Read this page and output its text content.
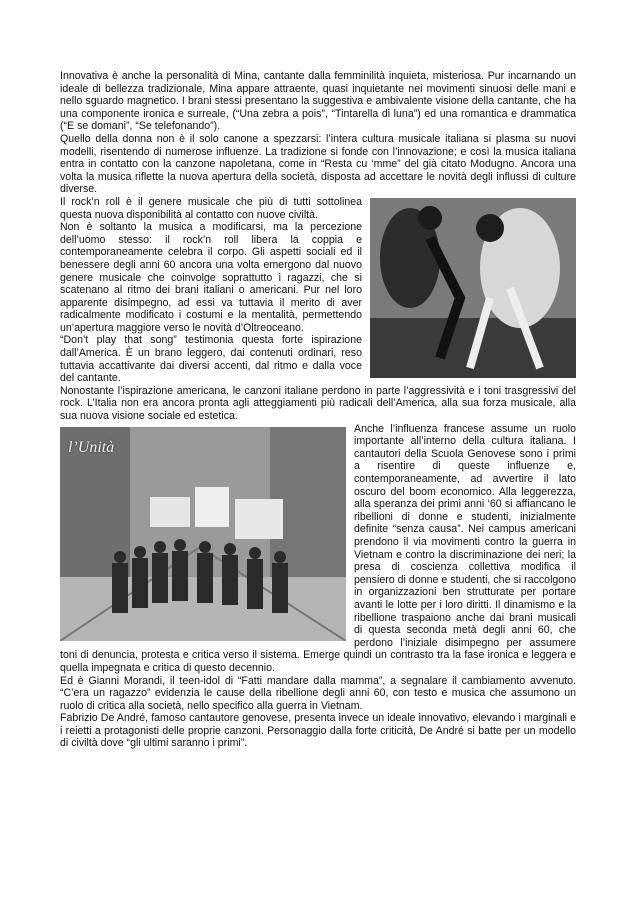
Innovativa è anche la personalità di Mina, cantante dalla femminilità inquieta, misteriosa. Pur incarnando un ideale di bellezza tradizionale, Mina appare attraente, quasi inquietante nei movimenti sinuosi delle mani e nello sguardo magnetico. I brani stessi presentano la suggestiva e ambivalente visione della cantante, che ha una componente ironica e surreale, (“Una zebra a pois”, “Tintarella di luna”) ed una romantica e drammatica (“E se domani”, “Se telefonando”).

Quello della donna non è il solo canone a spezzarsi: l’intera cultura musicale italiana si plasma su nuovi modelli, risentendo di numerose influenze. La tradizione si fonde con l’innovazione; e così la musica italiana entra in contatto con la canzone napoletana, come in “Resta cu ‘mme” del già citato Modugno. Ancora una volta la musica riflette la nuova apertura della società, disposta ad accettare le novità degli influssi di culture diverse.

Il rock’n roll è il genere musicale che più di tutti sottolinea questa nuova disponibilità al contatto con nuove civiltà.

Non è soltanto la musica a modificarsi, ma la percezione dell’uomo stesso: il rock’n roll libera la coppia e contemporaneamente celebra il corpo. Gli aspetti sociali ed il benessere degli anni 60 ancora una volta emergono dal nuovo genere musicale che coinvolge soprattutto i ragazzi, che si scatenano al ritmo dei brani italiani o americani. Pur nel loro apparente disimpegno, ad essi va tuttavia il merito di aver radicalmente modificato i costumi e la mentalità, permettendo un’apertura maggiore verso le novità d’Oltreoceano.

“Don’t play that song” testimonia questa forte ispirazione dall’America. È un brano leggero, dai contenuti ordinari, reso tuttavia accattivante dai diversi accenti, dal ritmo e dalla voce del cantante.

Nonostante l’ispirazione americana, le canzoni italiane perdono in parte l’aggressività e i toni trasgressivi del rock. L’Italia non era ancora pronta agli atteggiamenti più radicali dell’America, alla sua forza musicale, alla sua nuova visione sociale ed estetica.

l’Unità

Anche l’influenza francese assume un ruolo importante all’interno della cultura italiana. I cantautori della Scuola Genovese sono i primi a risentire di queste influenze e, contemporaneamente, ad avvertire il lato oscuro del boom economico. Alla leggerezza, alla speranza dei primi anni ‘60 si affiancano le ribellioni di donne e studenti, inizialmente definite “senza causa”. Nei campus americani prendono il via movimenti contro la guerra in Vietnam e contro la discriminazione dei neri; la presa di coscienza collettiva modifica il pensiero di donne e studenti, che si raccolgono in organizzazioni ben strutturate per portare avanti le lotte per i loro diritti. Il dinamismo e la ribellione traspaiono anche dai brani musicali di questa seconda metà degli anni 60, che perdono l’iniziale disimpegno per assumere toni di denuncia, protesta e critica verso il sistema. Emerge quindi un contrasto tra la fase ironica e leggera e quella impegnata e critica di questo decennio.

Ed è Gianni Morandi, il teen-idol di “Fatti mandare dalla mamma”, a segnalare il cambiamento avvenuto. “C’era un ragazzo” evidenzia le cause della ribellione degli anni 60, con testo e musica che assumono un ruolo di critica alla società, nello specifico alla guerra in Vietnam.

Fabrizio De André, famoso cantautore genovese, presenta invece un ideale innovativo, elevando i marginali e i reietti a protagonisti delle proprie canzoni. Personaggio dalla forte criticità, De André si batte per un modello di civiltà dove “gli ultimi saranno i primi”.
